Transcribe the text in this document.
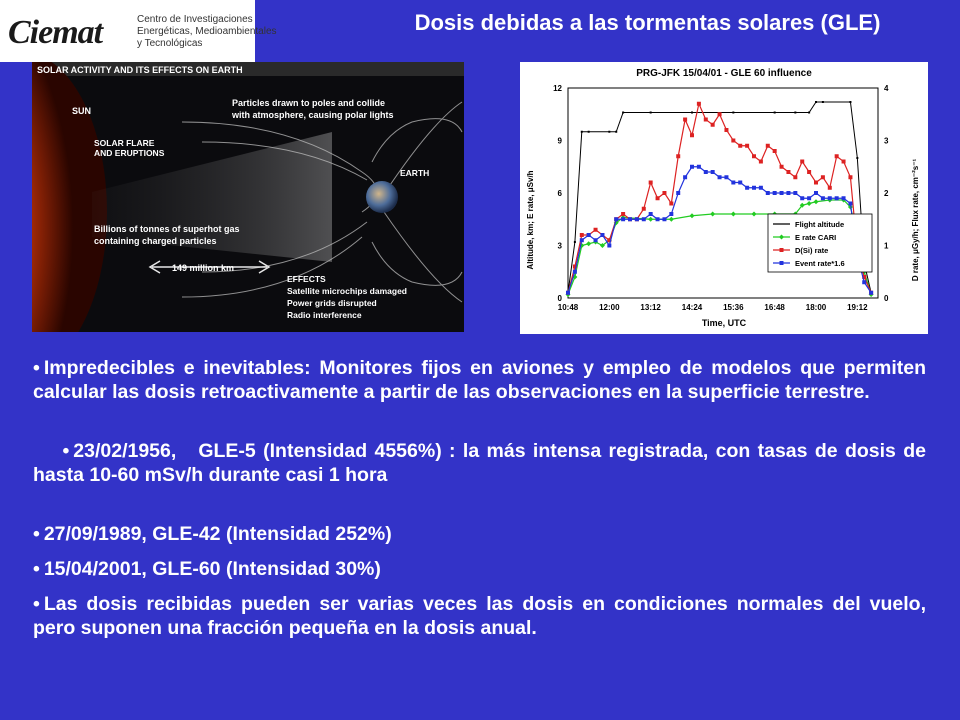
Ciemat	Centro de Investigaciones
Energéticas, Medioambientales
y Tecnológicas
Dosis debidas a las tormentas solares (GLE)
SOLAR ACTIVITY AND ITS EFFECTS ON EARTH
SUN
SOLAR FLARE
AND ERUPTIONS
Particles drawn to poles and collide
with atmosphere, causing polar lights
EARTH
Billions of tonnes of superhot gas
containing charged particles
149 million km
EFFECTS
Satellite microchips damaged
Power grids disrupted
Radio interference
PRG-JFK 15/04/01 - GLE 60 influence
Time, UTC
Altitude, km; E rate, μSv/h	D rate, μGy/h; Flux rate, cm⁻²s⁻¹
0
3
6
9
12
0
1
2
3
4
10:48	12:00	13:12	14:24	15:36	16:48	18:00	19:12
Flight altitude
E rate CARI
D(Si) rate
Event rate*1.6
• Impredecibles e inevitables: Monitores fijos en aviones y empleo de modelos que permiten calcular las dosis retroactivamente a partir de las observaciones en la superficie terrestre.

• 23/02/1956,   GLE-5 (Intensidad 4556%) : la más intensa registrada, con tasas de dosis de hasta 10-60 mSv/h durante casi 1 hora

• 27/09/1989, GLE-42 (Intensidad 252%)
• 15/04/2001, GLE-60 (Intensidad 30%)
• Las dosis recibidas pueden ser varias veces las dosis en condiciones normales del vuelo, pero suponen una fracción pequeña en la dosis anual.
